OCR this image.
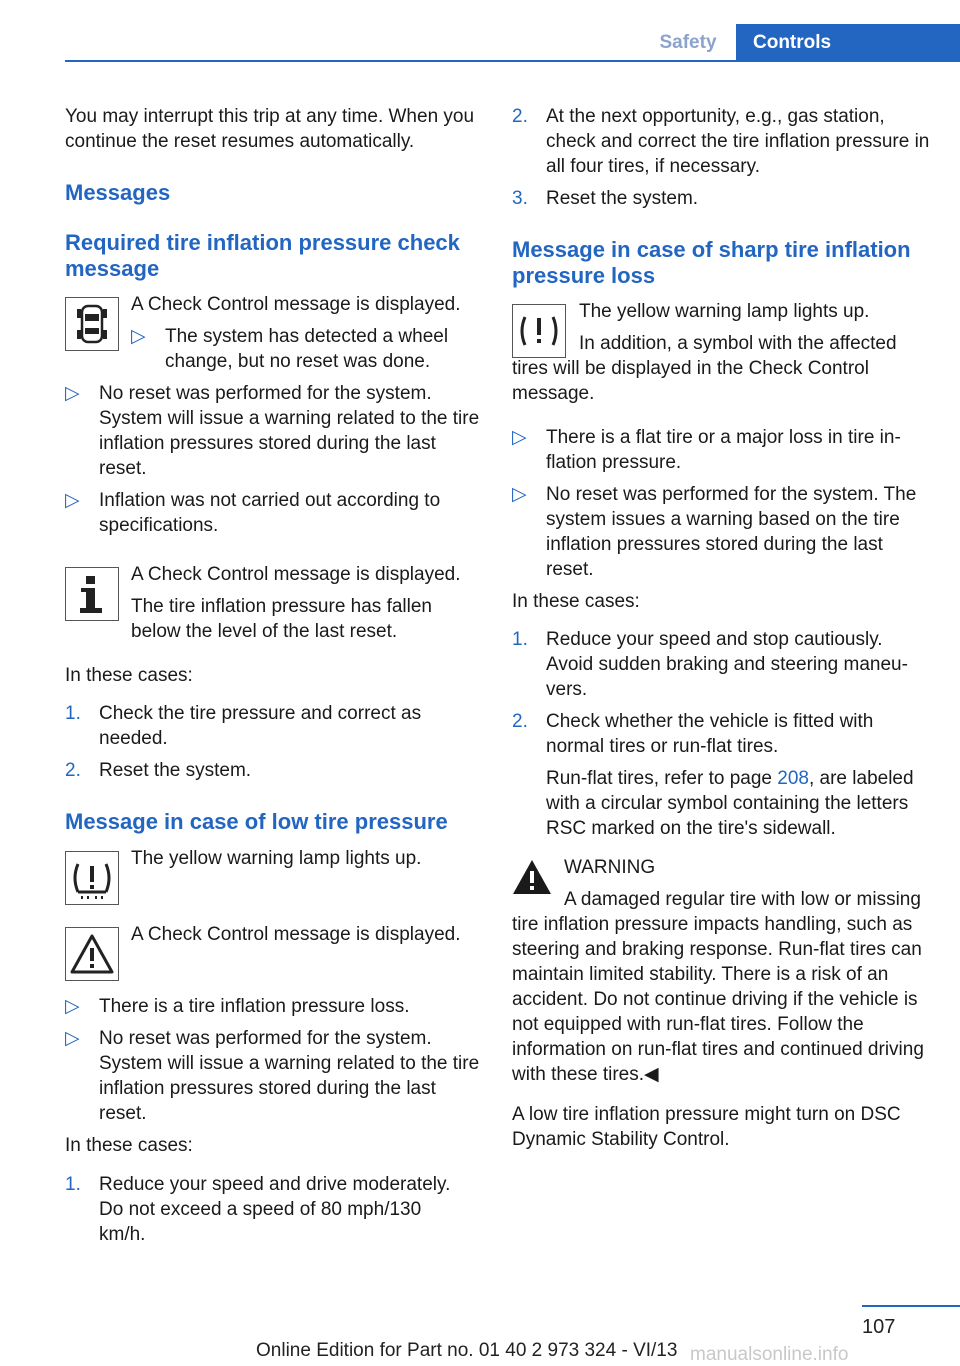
Safety	Controls

You may interrupt this trip at any time. When you continue the reset resumes automatically.

Messages

Required tire inflation pressure check message

A Check Control message is displayed.

▷ The system has detected a wheel change, but no reset was done.
▷ No reset was performed for the system. System will issue a warning related to the tire inflation pressures stored during the last reset.
▷ Inflation was not carried out according to specifications.

A Check Control message is displayed.

The tire inflation pressure has fallen below the level of the last reset.

In these cases:

1. Check the tire pressure and correct as needed.
2. Reset the system.

Message in case of low tire pressure

The yellow warning lamp lights up.

A Check Control message is displayed.

▷ There is a tire inflation pressure loss.
▷ No reset was performed for the system. System will issue a warning related to the tire inflation pressures stored during the last reset.

In these cases:

1. Reduce your speed and drive moderately. Do not exceed a speed of 80 mph/130 km/h.
2. At the next opportunity, e.g., gas station, check and correct the tire inflation pressure in all four tires, if necessary.
3. Reset the system.

Message in case of sharp tire inflation pressure loss

The yellow warning lamp lights up.

In addition, a symbol with the affected tires will be displayed in the Check Control message.

▷ There is a flat tire or a major loss in tire inflation pressure.
▷ No reset was performed for the system. The system issues a warning based on the tire inflation pressures stored during the last reset.

In these cases:

1. Reduce your speed and stop cautiously. Avoid sudden braking and steering maneuvers.
2. Check whether the vehicle is fitted with normal tires or run-flat tires.

Run-flat tires, refer to page 208, are labeled with a circular symbol containing the letters RSC marked on the tire's sidewall.

WARNING

A damaged regular tire with low or missing tire inflation pressure impacts handling, such as steering and braking response. Run-flat tires can maintain limited stability. There is a risk of an accident. Do not continue driving if the vehicle is not equipped with run-flat tires. Follow the information on run-flat tires and continued driving with these tires.◀

A low tire inflation pressure might turn on DSC Dynamic Stability Control.

107
Online Edition for Part no. 01 40 2 973 324 - VI/13 manualsonline.info
